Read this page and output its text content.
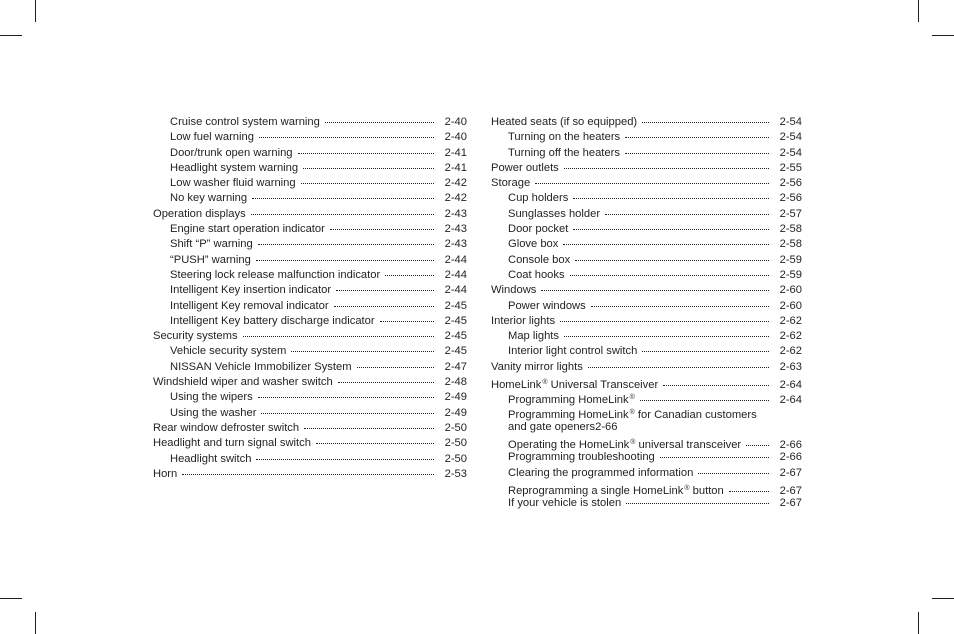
Cruise control system warning	2-40
Low fuel warning	2-40
Door/trunk open warning	2-41
Headlight system warning	2-41
Low washer fluid warning	2-42
No key warning	2-42
Operation displays	2-43
Engine start operation indicator	2-43
Shift “P” warning	2-43
“PUSH” warning	2-44
Steering lock release malfunction indicator	2-44
Intelligent Key insertion indicator	2-44
Intelligent Key removal indicator	2-45
Intelligent Key battery discharge indicator	2-45
Security systems	2-45
Vehicle security system	2-45
NISSAN Vehicle Immobilizer System	2-47
Windshield wiper and washer switch	2-48
Using the wipers	2-49
Using the washer	2-49
Rear window defroster switch	2-50
Headlight and turn signal switch	2-50
Headlight switch	2-50
Horn	2-53
Heated seats (if so equipped)	2-54
Turning on the heaters	2-54
Turning off the heaters	2-54
Power outlets	2-55
Storage	2-56
Cup holders	2-56
Sunglasses holder	2-57
Door pocket	2-58
Glove box	2-58
Console box	2-59
Coat hooks	2-59
Windows	2-60
Power windows	2-60
Interior lights	2-62
Map lights	2-62
Interior light control switch	2-62
Vanity mirror lights	2-63
HomeLink® Universal Transceiver	2-64
Programming HomeLink®	2-64
Programming HomeLink® for Canadian customers
and gate openers 2-66
Operating the HomeLink® universal transceiver	2-66
Programming troubleshooting	2-66
Clearing the programmed information	2-67
Reprogramming a single HomeLink® button	2-67
If your vehicle is stolen	2-67
